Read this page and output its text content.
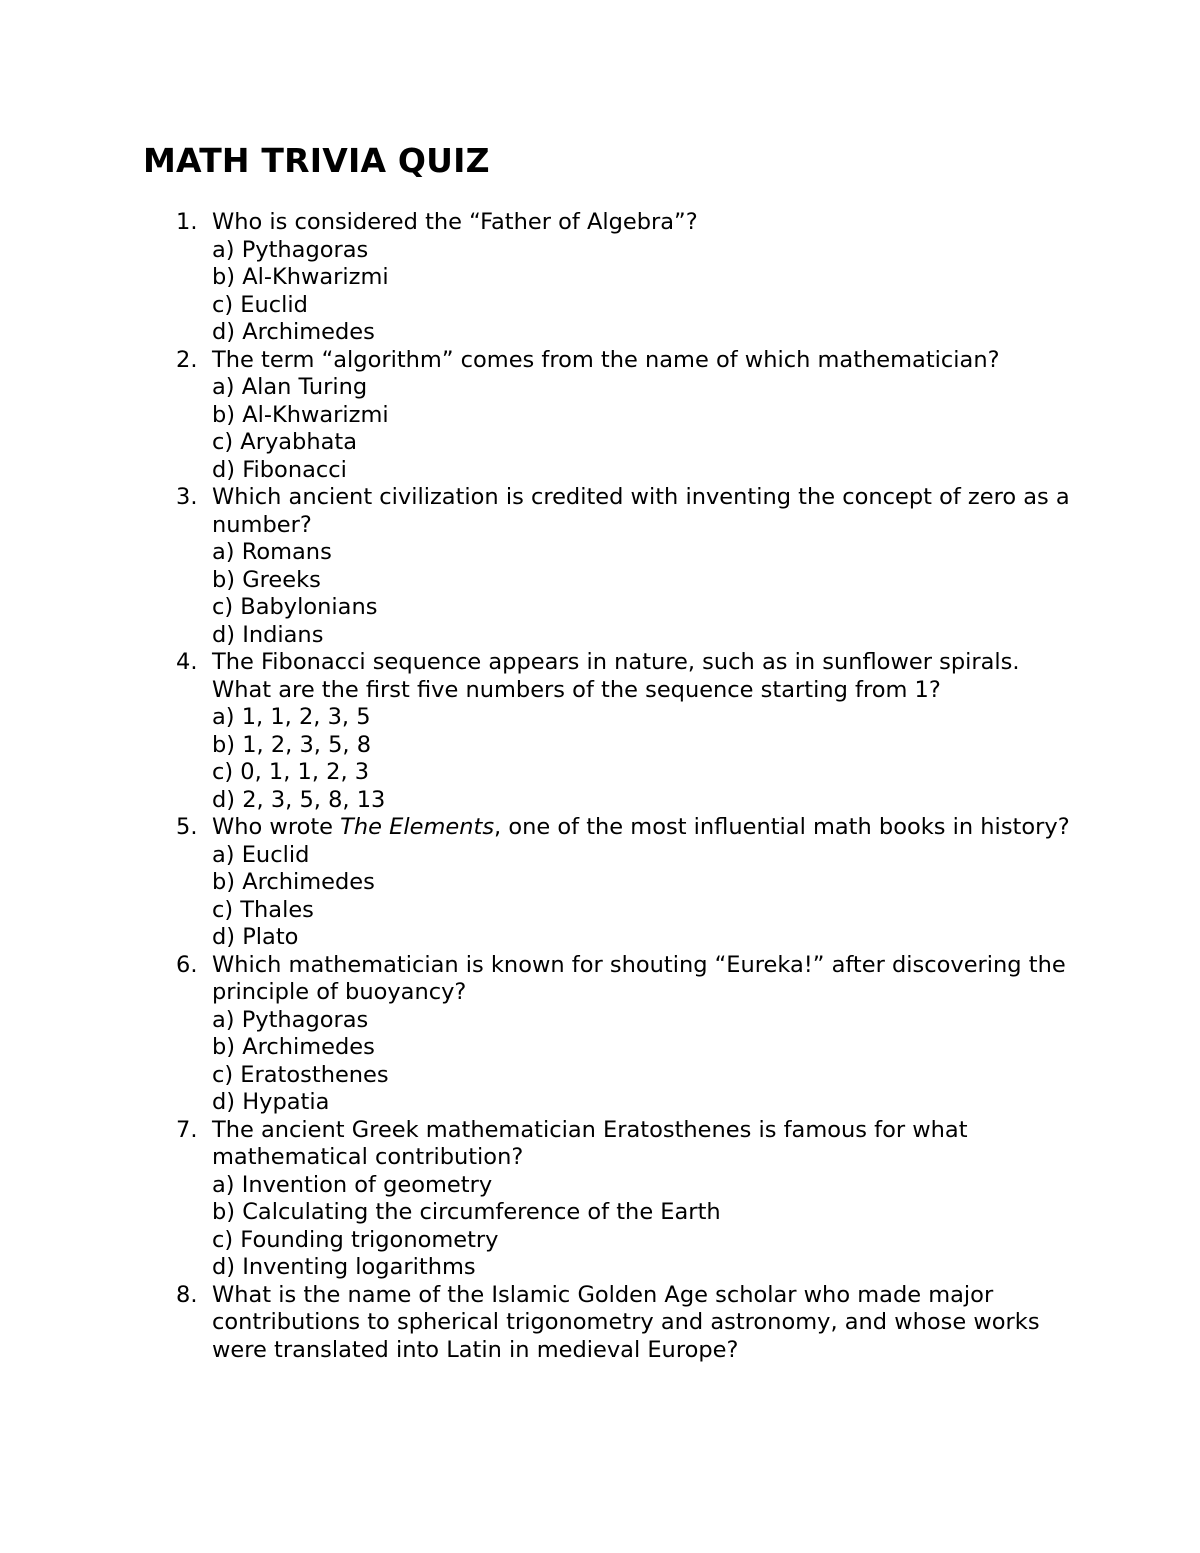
MATH TRIVIA QUIZ
1. Who is considered the “Father of Algebra”?
a) Pythagoras
b) Al-Khwarizmi
c) Euclid
d) Archimedes
2. The term “algorithm” comes from the name of which mathematician?
a) Alan Turing
b) Al-Khwarizmi
c) Aryabhata
d) Fibonacci
3. Which ancient civilization is credited with inventing the concept of zero as a number?
a) Romans
b) Greeks
c) Babylonians
d) Indians
4. The Fibonacci sequence appears in nature, such as in sunflower spirals. What are the first five numbers of the sequence starting from 1?
a) 1, 1, 2, 3, 5
b) 1, 2, 3, 5, 8
c) 0, 1, 1, 2, 3
d) 2, 3, 5, 8, 13
5. Who wrote The Elements, one of the most influential math books in history?
a) Euclid
b) Archimedes
c) Thales
d) Plato
6. Which mathematician is known for shouting “Eureka!” after discovering the principle of buoyancy?
a) Pythagoras
b) Archimedes
c) Eratosthenes
d) Hypatia
7. The ancient Greek mathematician Eratosthenes is famous for what mathematical contribution?
a) Invention of geometry
b) Calculating the circumference of the Earth
c) Founding trigonometry
d) Inventing logarithms
8. What is the name of the Islamic Golden Age scholar who made major contributions to spherical trigonometry and astronomy, and whose works were translated into Latin in medieval Europe?
